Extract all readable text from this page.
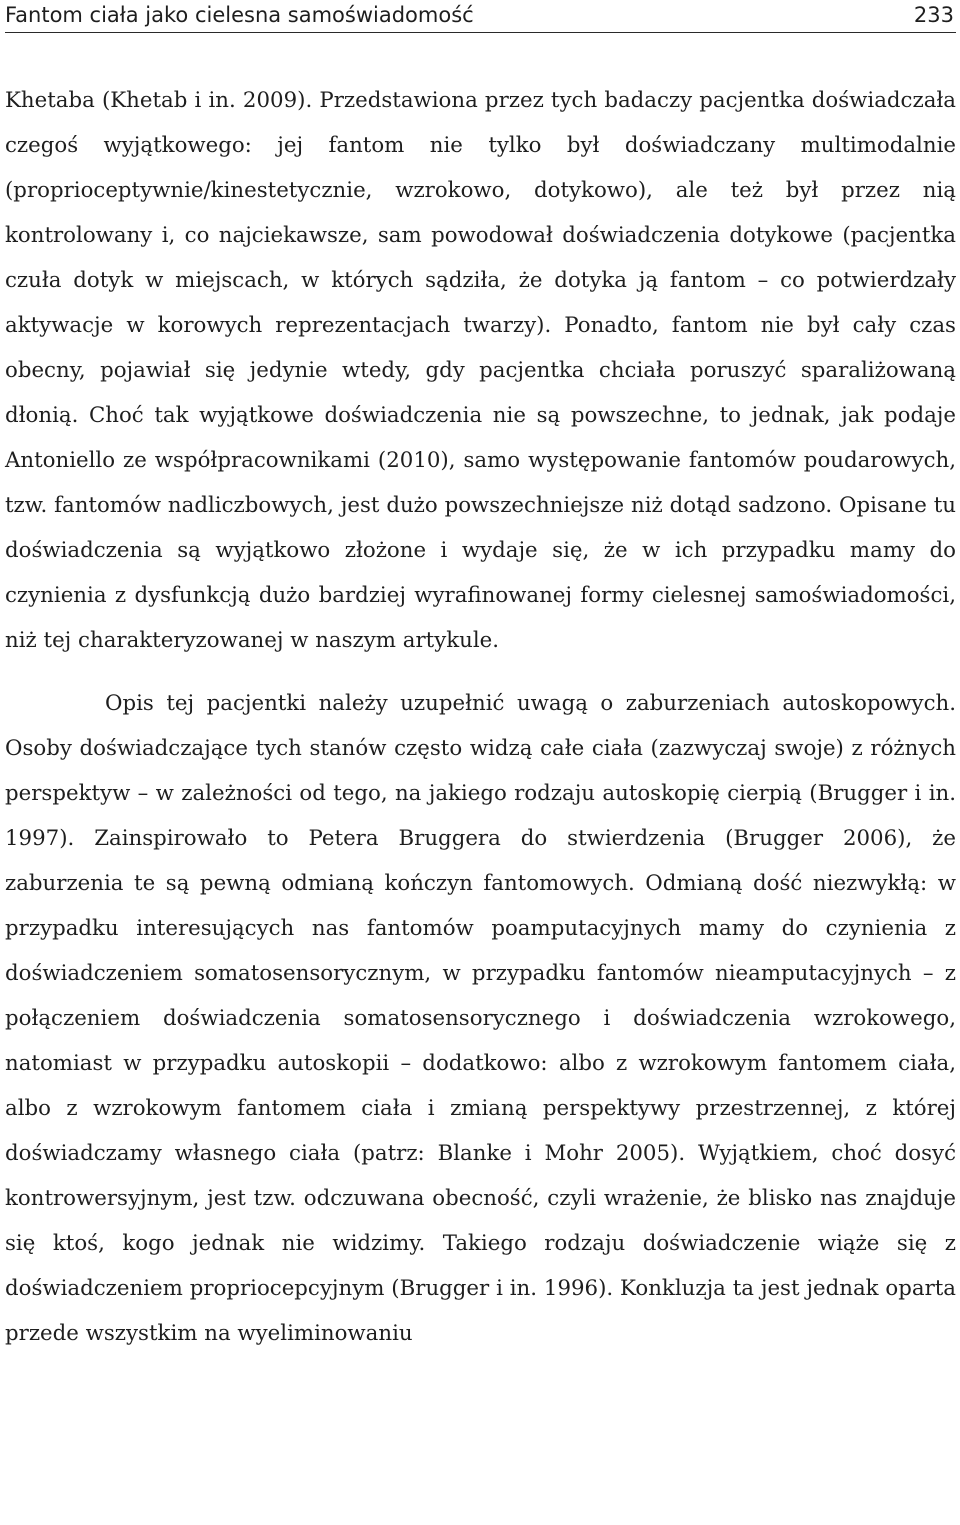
Fantom ciała jako cielesna samoświadomość	233

Khetaba (Khetab i in. 2009). Przedstawiona przez tych badaczy pacjentka doświadczała czegoś wyjątkowego: jej fantom nie tylko był doświadczany multimodalnie (proprioceptywnie/kinestetycznie, wzrokowo, dotykowo), ale też był przez nią kontrolowany i, co najciekawsze, sam powodował doświadczenia dotykowe (pacjentka czuła dotyk w miejscach, w których sądziła, że dotyka ją fantom – co potwierdzały aktywacje w korowych reprezentacjach twarzy). Ponadto, fantom nie był cały czas obecny, pojawiał się jedynie wtedy, gdy pacjentka chciała poruszyć sparaliżowaną dłonią. Choć tak wyjątkowe doświadczenia nie są powszechne, to jednak, jak podaje Antoniello ze współpracownikami (2010), samo występowanie fantomów poudarowych, tzw. fantomów nadliczbowych, jest dużo powszechniejsze niż dotąd sadzono. Opisane tu doświadczenia są wyjątkowo złożone i wydaje się, że w ich przypadku mamy do czynienia z dysfunkcją dużo bardziej wyrafinowanej formy cielesnej samoświadomości, niż tej charakteryzowanej w naszym artykule.

Opis tej pacjentki należy uzupełnić uwagą o zaburzeniach autoskopowych. Osoby doświadczające tych stanów często widzą całe ciała (zazwyczaj swoje) z różnych perspektyw – w zależności od tego, na jakiego rodzaju autoskopię cierpią (Brugger i in. 1997). Zainspirowało to Petera Bruggera do stwierdzenia (Brugger 2006), że zaburzenia te są pewną odmianą kończyn fantomowych. Odmianą dość niezwykłą: w przypadku interesujących nas fantomów poamputacyjnych mamy do czynienia z doświadczeniem somatosensorycznym, w przypadku fantomów nieamputacyjnych – z połączeniem doświadczenia somatosensorycznego i doświadczenia wzrokowego, natomiast w przypadku autoskopii – dodatkowo: albo z wzrokowym fantomem ciała, albo z wzrokowym fantomem ciała i zmianą perspektywy przestrzennej, z której doświadczamy własnego ciała (patrz: Blanke i Mohr 2005). Wyjątkiem, choć dosyć kontrowersyjnym, jest tzw. odczuwana obecność, czyli wrażenie, że blisko nas znajduje się ktoś, kogo jednak nie widzimy. Takiego rodzaju doświadczenie wiąże się z doświadczeniem propriocepcyjnym (Brugger i in. 1996). Konkluzja ta jest jednak oparta przede wszystkim na wyeliminowaniu
